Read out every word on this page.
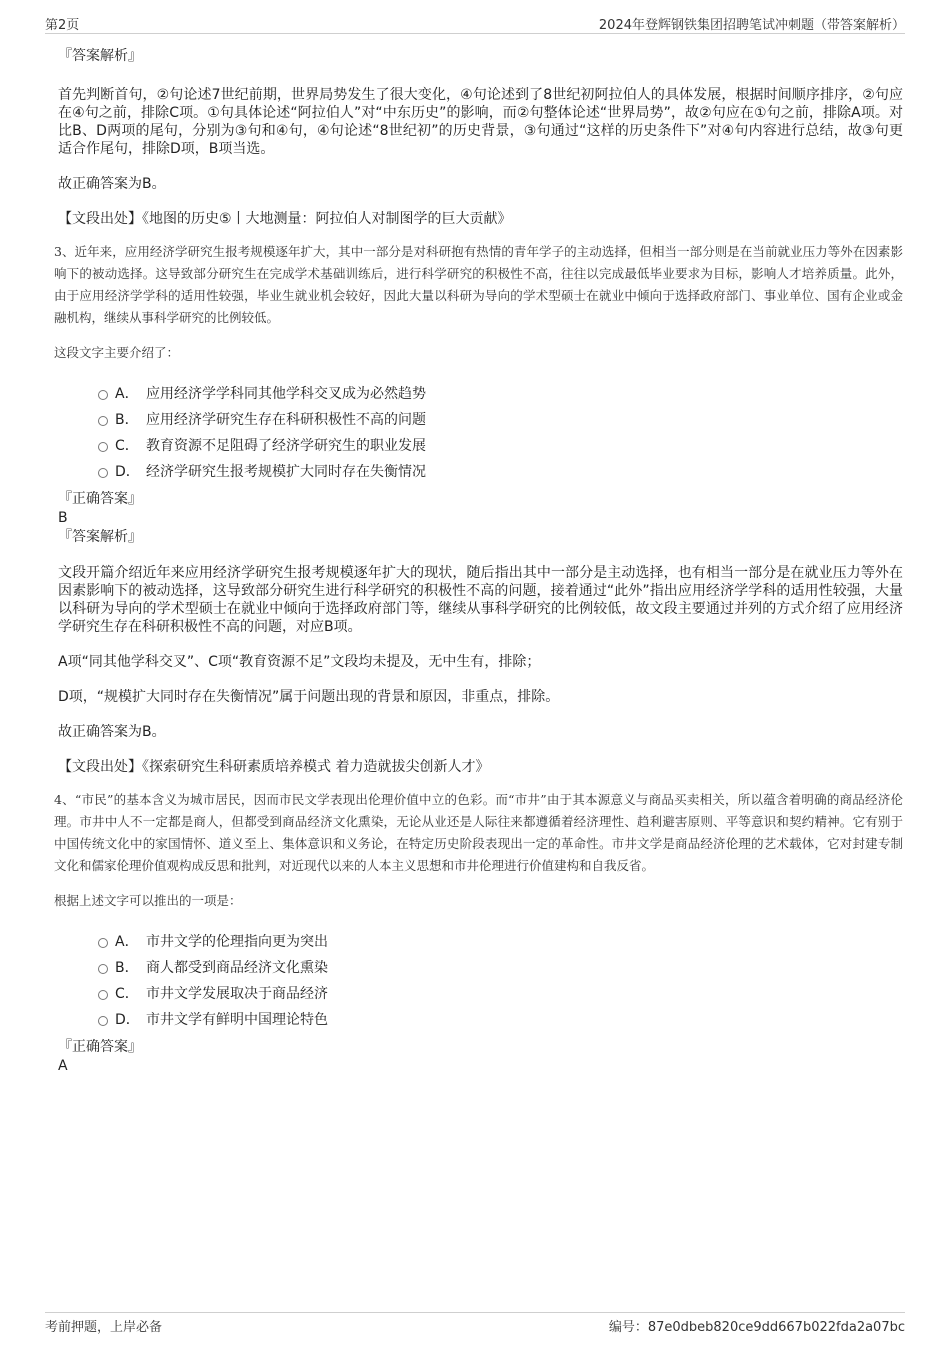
第2页	2024年登辉钢铁集团招聘笔试冲刺题（带答案解析）

『答案解析』

首先判断首句，②句论述7世纪前期，世界局势发生了很大变化，④句论述到了8世纪初阿拉伯人的具体发展，根据时间顺序排序，②句应在④句之前，排除C项。①句具体论述“阿拉伯人”对“中东历史”的影响，而②句整体论述“世界局势”，故②句应在①句之前，排除A项。对比B、D两项的尾句，分别为③句和④句，④句论述“8世纪初”的历史背景，③句通过“这样的历史条件下”对④句内容进行总结，故③句更适合作尾句，排除D项，B项当选。

故正确答案为B。

【文段出处】《地图的历史⑤丨大地测量：阿拉伯人对制图学的巨大贡献》

3、近年来，应用经济学研究生报考规模逐年扩大，其中一部分是对科研抱有热情的青年学子的主动选择，但相当一部分则是在当前就业压力等外在因素影响下的被动选择。这导致部分研究生在完成学术基础训练后，进行科学研究的积极性不高，往往以完成最低毕业要求为目标，影响人才培养质量。此外，由于应用经济学学科的适用性较强，毕业生就业机会较好，因此大量以科研为导向的学术型硕士在就业中倾向于选择政府部门、事业单位、国有企业或金融机构，继续从事科学研究的比例较低。

这段文字主要介绍了：

A． 应用经济学学科同其他学科交叉成为必然趋势
B． 应用经济学研究生存在科研积极性不高的问题
C． 教育资源不足阻碍了经济学研究生的职业发展
D． 经济学研究生报考规模扩大同时存在失衡情况

『正确答案』

B

『答案解析』

文段开篇介绍近年来应用经济学研究生报考规模逐年扩大的现状，随后指出其中一部分是主动选择，也有相当一部分是在就业压力等外在因素影响下的被动选择，这导致部分研究生进行科学研究的积极性不高的问题，接着通过“此外”指出应用经济学学科的适用性较强，大量以科研为导向的学术型硕士在就业中倾向于选择政府部门等，继续从事科学研究的比例较低，故文段主要通过并列的方式介绍了应用经济学研究生存在科研积极性不高的问题，对应B项。

A项“同其他学科交叉”、C项“教育资源不足”文段均未提及，无中生有，排除；

D项，“规模扩大同时存在失衡情况”属于问题出现的背景和原因，非重点，排除。

故正确答案为B。

【文段出处】《探索研究生科研素质培养模式 着力造就拔尖创新人才》

4、“市民”的基本含义为城市居民，因而市民文学表现出伦理价值中立的色彩。而“市井”由于其本源意义与商品买卖相关，所以蕴含着明确的商品经济伦理。市井中人不一定都是商人，但都受到商品经济文化熏染，无论从业还是人际往来都遵循着经济理性、趋利避害原则、平等意识和契约精神。它有别于中国传统文化中的家国情怀、道义至上、集体意识和义务论，在特定历史阶段表现出一定的革命性。市井文学是商品经济伦理的艺术载体，它对封建专制文化和儒家伦理价值观构成反思和批判，对近现代以来的人本主义思想和市井伦理进行价值建构和自我反省。

根据上述文字可以推出的一项是：

A． 市井文学的伦理指向更为突出
B． 商人都受到商品经济文化熏染
C． 市井文学发展取决于商品经济
D． 市井文学有鲜明中国理论特色

『正确答案』

A

考前押题，上岸必备	编号：87e0dbeb820ce9dd667b022fda2a07bc
